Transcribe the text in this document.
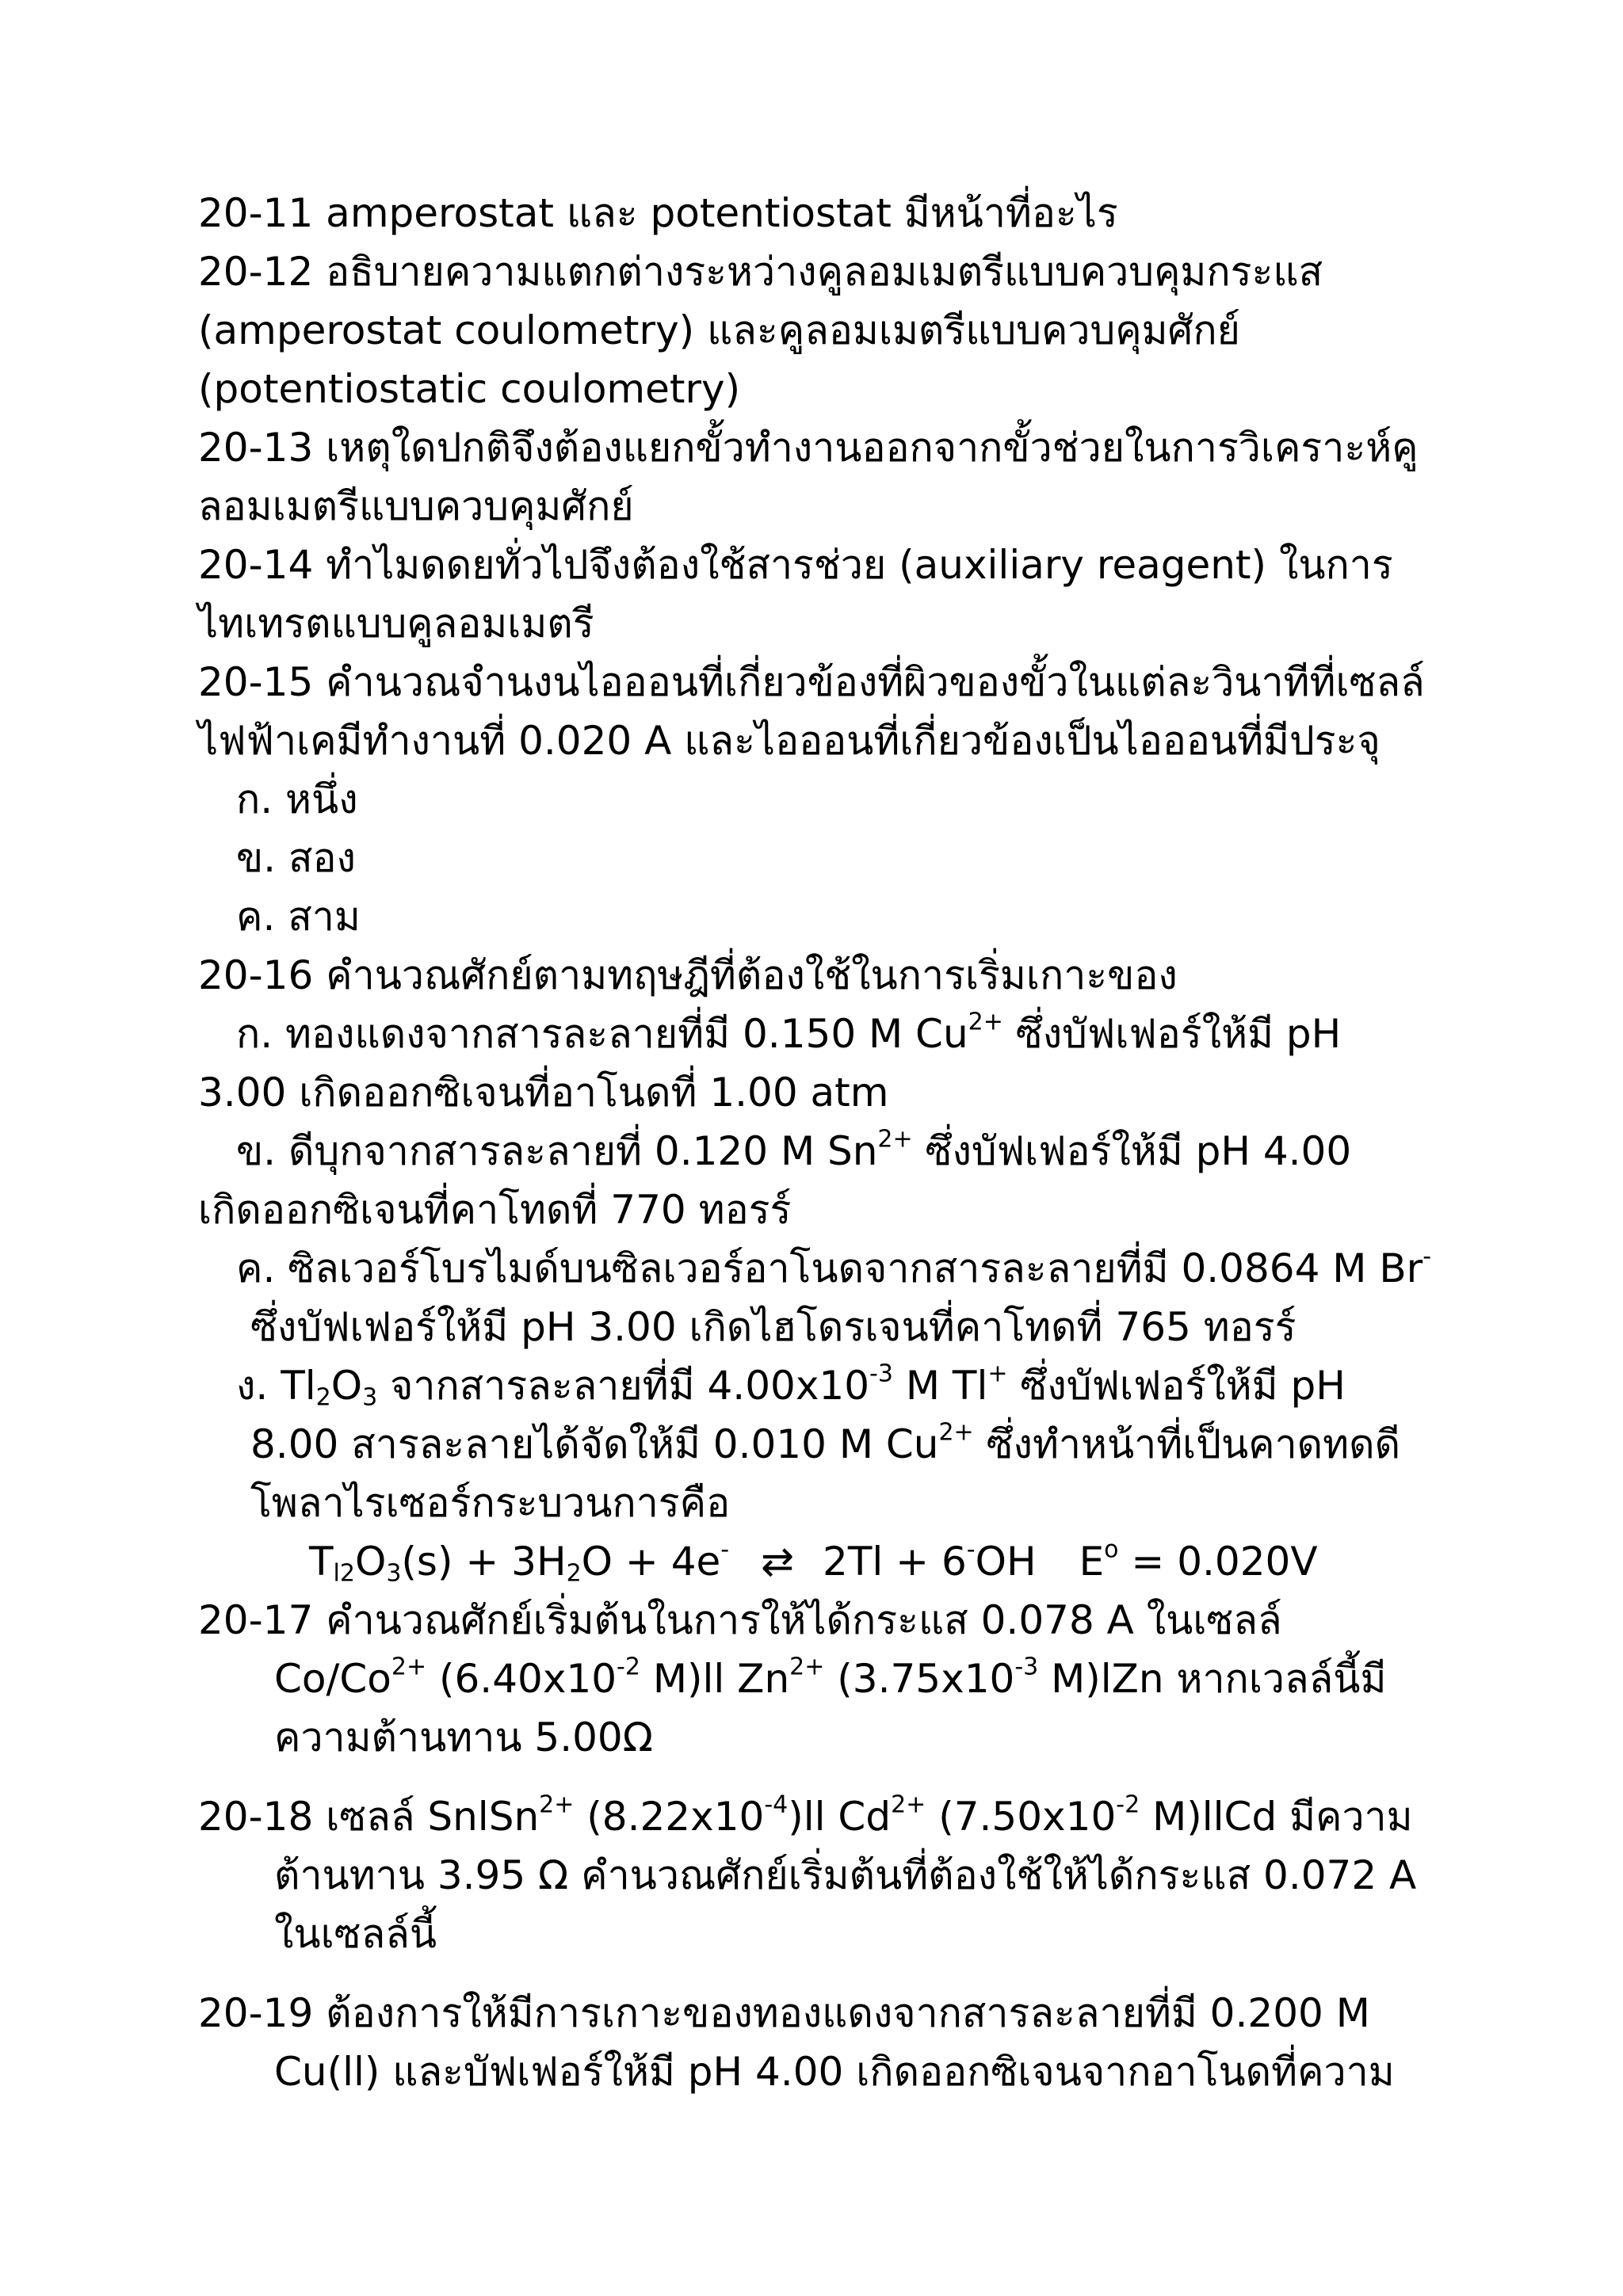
20-11 amperostat และ potentiostat มีหน้าที่อะไร
20-12 อธิบายความแตกต่างระหว่างคูลอมเมตรีแบบควบคุมกระแส
(amperostat coulometry) และคูลอมเมตรีแบบควบคุมศักย์
(potentiostatic coulometry)
20-13 เหตุใดปกติจึงต้องแยกขั้วทำงานออกจากขั้วช่วยในการวิเคราะห์คู
ลอมเมตรีแบบควบคุมศักย์
20-14 ทำไมดดยทั่วไปจึงต้องใช้สารช่วย (auxiliary reagent) ในการ
ไทเทรตแบบคูลอมเมตรี
20-15 คำนวณจำนงนไอออนที่เกี่ยวข้องที่ผิวของขั้วในแต่ละวินาทีที่เซลล์
ไฟฟ้าเคมีทำงานที่ 0.020 A และไอออนที่เกี่ยวข้องเป็นไอออนที่มีประจุ
ก. หนึ่ง
ข. สอง
ค. สาม
20-16 คำนวณศักย์ตามทฤษฎีที่ต้องใช้ในการเริ่มเกาะของ
ก. ทองแดงจากสารละลายที่มี 0.150 M $Cu^{2+}$ ซึ่งบัฟเฟอร์ให้มี pH
3.00 เกิดออกซิเจนที่อาโนดที่ 1.00 atm
ข. ดีบุกจากสารละลายที่ 0.120 M $Sn^{2+}$ ซึ่งบัฟเฟอร์ให้มี pH 4.00
เกิดออกซิเจนที่คาโทดที่ 770 ทอรร์
ค. ซิลเวอร์โบรไมด์บนซิลเวอร์อาโนดจากสารละลายที่มี 0.0864 M Br-
ซึ่งบัฟเฟอร์ให้มี pH 3.00 เกิดไฮโดรเจนที่คาโทดที่ 765 ทอรร์
ง. $Tl_2O_3$ จากสารละลายที่มี $4.00x10^{-3}$ M Tl+ ซึ่งบัฟเฟอร์ให้มี pH
8.00 สารละลายได้จัดให้มี 0.010 M $Cu^{2+}$ ซึ่งทำหน้าที่เป็นคาดทดดี
โพลาไรเซอร์กระบวนการคือ
$T_{l2}O_3(s) + 3H_2O + 4e^-$ ⇄ 2Tl + 6-OH $E^o = 0.020V$
20-17 คำนวณศักย์เริ่มต้นในการให้ได้กระแส 0.078 A ในเซลล์
$Co/Co^{2+}$ ($6.40x10^{-2}$ M)ll $Zn^{2+}$ ($3.75x10^{-3}$ M)lZn หากเวลล์นี้มี
ความต้านทาน 5.00Ω
20-18 เซลล์ SnlSn$^{2+}$ $(8.22x10^{-4})ll$ $Cd^{2+}$ ($7.50x10^{-2}$ M)llCd มีความ
ต้านทาน 3.95 Ω คำนวณศักย์เริ่มต้นที่ต้องใช้ให้ได้กระแส 0.072 A
ในเซลล์นี้
20-19 ต้องการให้มีการเกาะของทองแดงจากสารละลายที่มี 0.200 M
Cu(ll) และบัฟเฟอร์ให้มี pH 4.00 เกิดออกซิเจนจากอาโนดที่ความ
